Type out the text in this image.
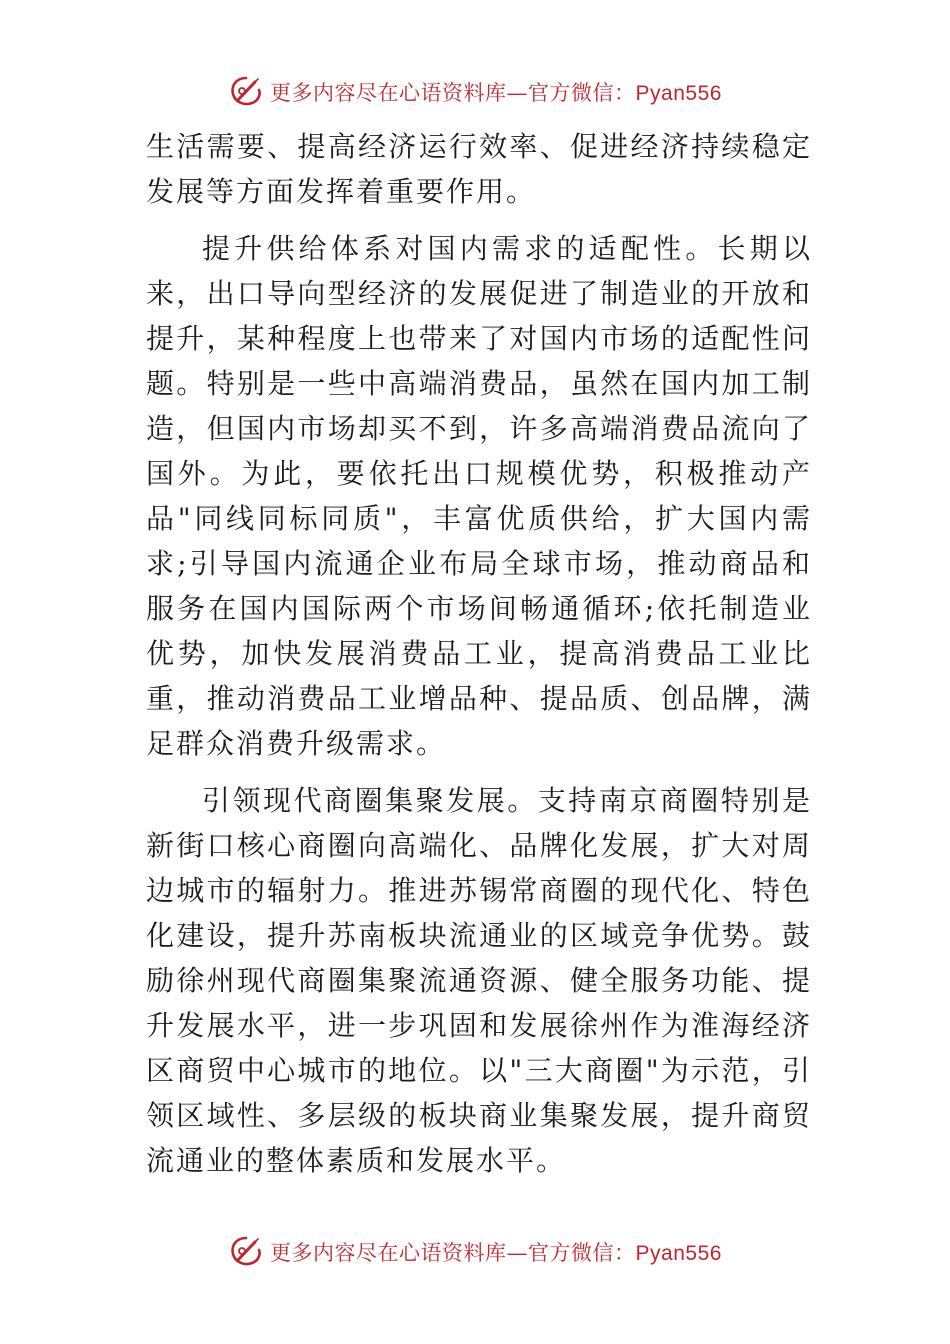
更多内容尽在心语资料库—官方微信：Pyan556

生活需要、提高经济运行效率、促进经济持续稳定发展等方面发挥着重要作用。

提升供给体系对国内需求的适配性。长期以来，出口导向型经济的发展促进了制造业的开放和提升，某种程度上也带来了对国内市场的适配性问题。特别是一些中高端消费品，虽然在国内加工制造，但国内市场却买不到，许多高端消费品流向了国外。为此，要依托出口规模优势，积极推动产品"同线同标同质"，丰富优质供给，扩大国内需求;引导国内流通企业布局全球市场，推动商品和服务在国内国际两个市场间畅通循环;依托制造业优势，加快发展消费品工业，提高消费品工业比重，推动消费品工业增品种、提品质、创品牌，满足群众消费升级需求。

引领现代商圈集聚发展。支持南京商圈特别是新街口核心商圈向高端化、品牌化发展，扩大对周边城市的辐射力。推进苏锡常商圈的现代化、特色化建设，提升苏南板块流通业的区域竞争优势。鼓励徐州现代商圈集聚流通资源、健全服务功能、提升发展水平，进一步巩固和发展徐州作为淮海经济区商贸中心城市的地位。以"三大商圈"为示范，引领区域性、多层级的板块商业集聚发展，提升商贸流通业的整体素质和发展水平。

更多内容尽在心语资料库—官方微信：Pyan556
